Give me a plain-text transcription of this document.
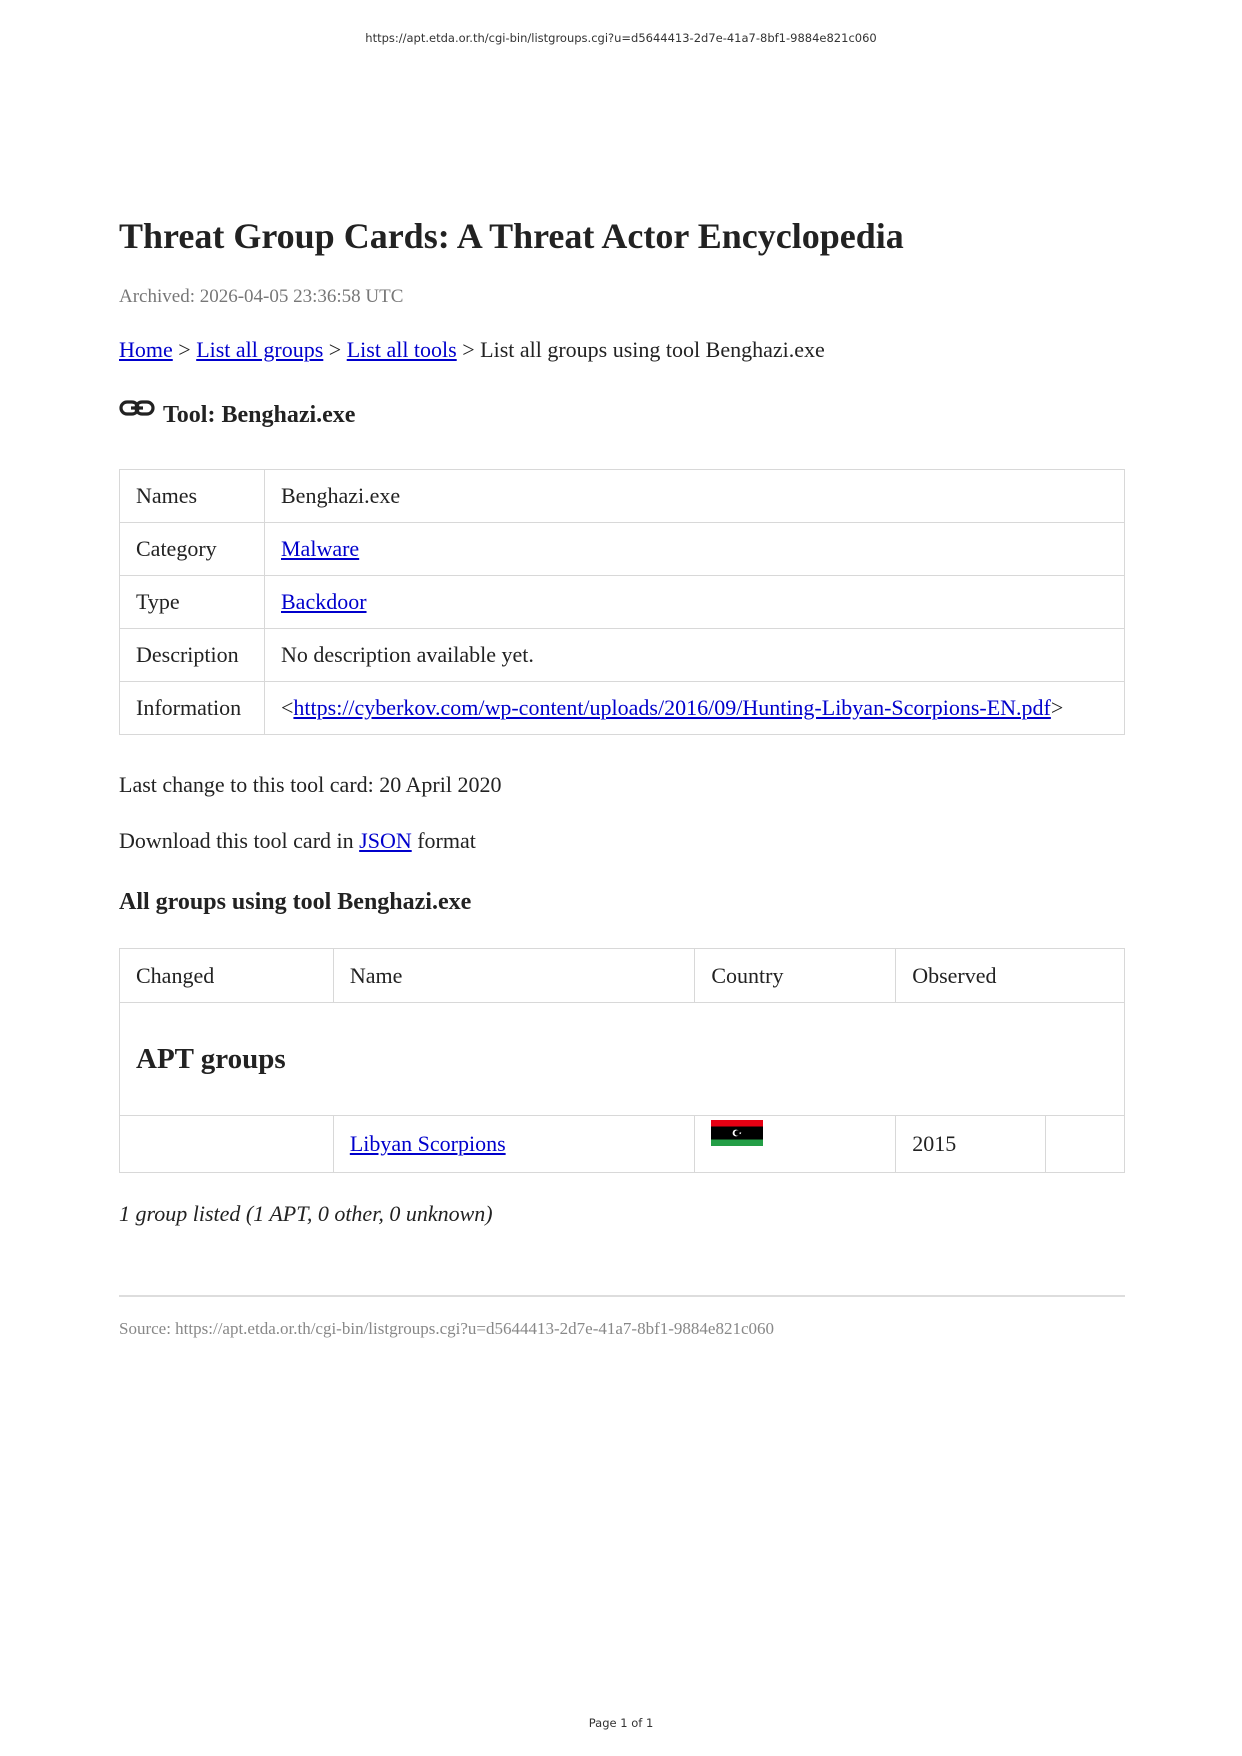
https://apt.etda.or.th/cgi-bin/listgroups.cgi?u=d5644413-2d7e-41a7-8bf1-9884e821c060
Threat Group Cards: A Threat Actor Encyclopedia
Archived: 2026-04-05 23:36:58 UTC
Home > List all groups > List all tools > List all groups using tool Benghazi.exe
Tool: Benghazi.exe
Names	Benghazi.exe
Category	Malware
Type	Backdoor
Description	No description available yet.
Information	<https://cyberkov.com/wp-content/uploads/2016/09/Hunting-Libyan-Scorpions-EN.pdf>
Last change to this tool card: 20 April 2020
Download this tool card in JSON format
All groups using tool Benghazi.exe
Changed	Name	Country	Observed	
APT groups				
	Libyan Scorpions		2015	
1 group listed (1 APT, 0 other, 0 unknown)
Source: https://apt.etda.or.th/cgi-bin/listgroups.cgi?u=d5644413-2d7e-41a7-8bf1-9884e821c060
Page 1 of 1
